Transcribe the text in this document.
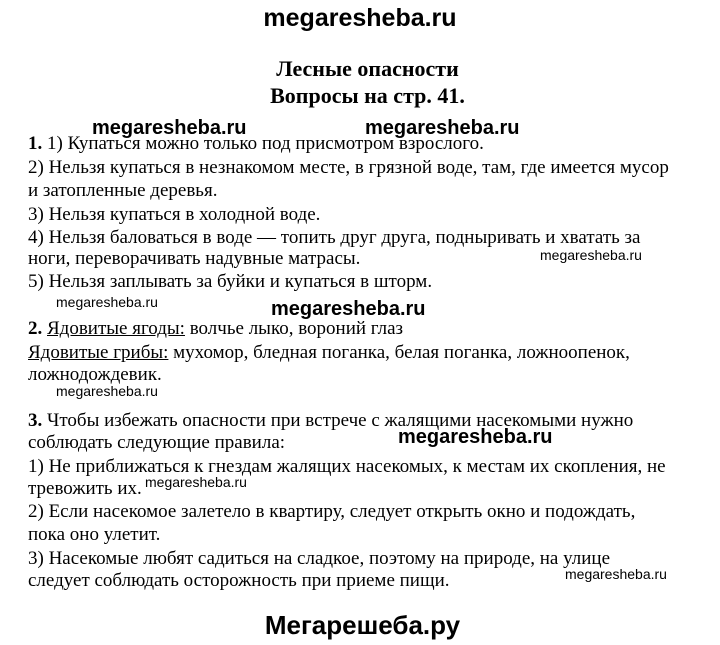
megaresheba.ru
Лесные опасности
Вопросы на стр. 41.
megaresheba.ru	megaresheba.ru
1. 1) Купаться можно только под присмотром взрослого.
2) Нельзя купаться в незнакомом месте, в грязной воде, там, где имеется мусор
и затопленные деревья.
3) Нельзя купаться в холодной воде.
4) Нельзя баловаться в воде — топить друг друга, подныривать и хватать за
ноги, переворачивать надувные матрасы.	megaresheba.ru
5) Нельзя заплывать за буйки и купаться в шторм.
megaresheba.ru	megaresheba.ru
2. Ядовитые ягоды: волчье лыко, вороний глаз
Ядовитые грибы: мухомор, бледная поганка, белая поганка, ложноопенок,
ложнодождевик.
megaresheba.ru
3. Чтобы избежать опасности при встрече с жалящими насекомыми нужно
соблюдать следующие правила:	megaresheba.ru
1) Не приближаться к гнездам жалящих насекомых, к местам их скопления, не
тревожить их. megaresheba.ru
2) Если насекомое залетело в квартиру, следует открыть окно и подождать,
пока оно улетит.
3) Насекомые любят садиться на сладкое, поэтому на природе, на улице
следует соблюдать осторожность при приеме пищи.	megaresheba.ru
Мегарешеба.ру
